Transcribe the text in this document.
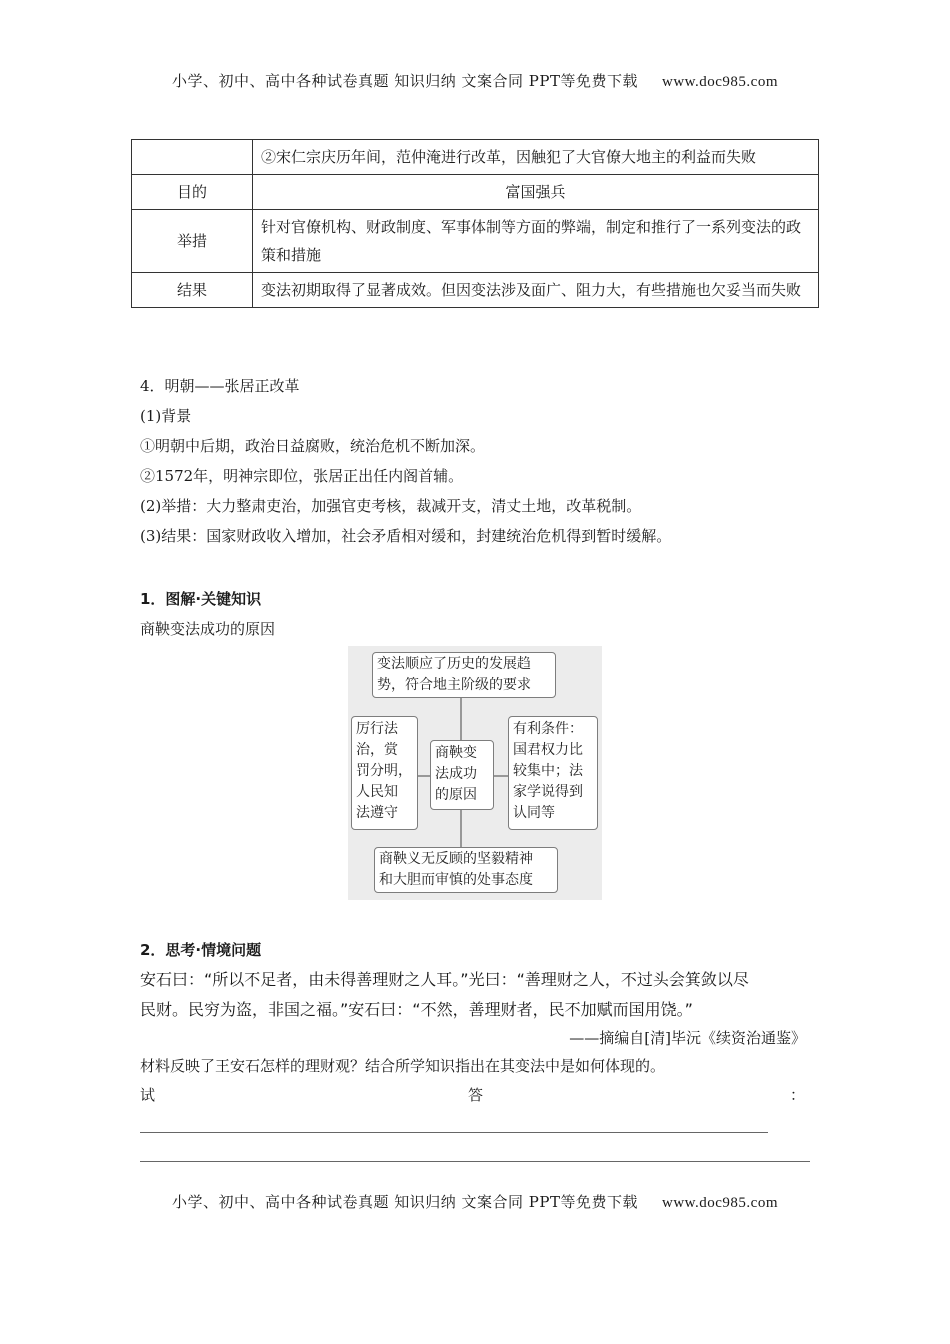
小学、初中、高中各种试卷真题 知识归纳 文案合同 PPT等免费下载 www.doc985.com
	②宋仁宗庆历年间，范仲淹进行改革，因触犯了大官僚大地主的利益而失败
目的	富国强兵
举措	针对官僚机构、财政制度、军事体制等方面的弊端，制定和推行了一系列变法的政策和措施
结果	变法初期取得了显著成效。但因变法涉及面广、阻力大，有些措施也欠妥当而失败

4．明朝——张居正改革

(1)背景

①明朝中后期，政治日益腐败，统治危机不断加深。

②1572年，明神宗即位，张居正出任内阁首辅。

(2)举措：大力整肃吏治，加强官吏考核，裁减开支，清丈土地，改革税制。

(3)结果：国家财政收入增加，社会矛盾相对缓和，封建统治危机得到暂时缓解。

1．图解·关键知识

商鞅变法成功的原因

变法顺应了历史的发展趋
势，符合地主阶级的要求
厉行法
治，赏
罚分明，
人民知
法遵守
商鞅变
法成功
的原因
有利条件：
国君权力比
较集中；法
家学说得到
认同等
商鞅义无反顾的坚毅精神
和大胆而审慎的处事态度

2．思考·情境问题

安石曰：“所以不足者，由未得善理财之人耳。”光曰：“善理财之人，不过头会箕敛以尽
民财。民穷为盗，非国之福。”安石曰：“不然，善理财者，民不加赋而国用饶。”
——摘编自[清]毕沅《续资治通鉴》
材料反映了王安石怎样的理财观？结合所学知识指出在其变法中是如何体现的。
试	答	：
小学、初中、高中各种试卷真题 知识归纳 文案合同 PPT等免费下载 www.doc985.com
